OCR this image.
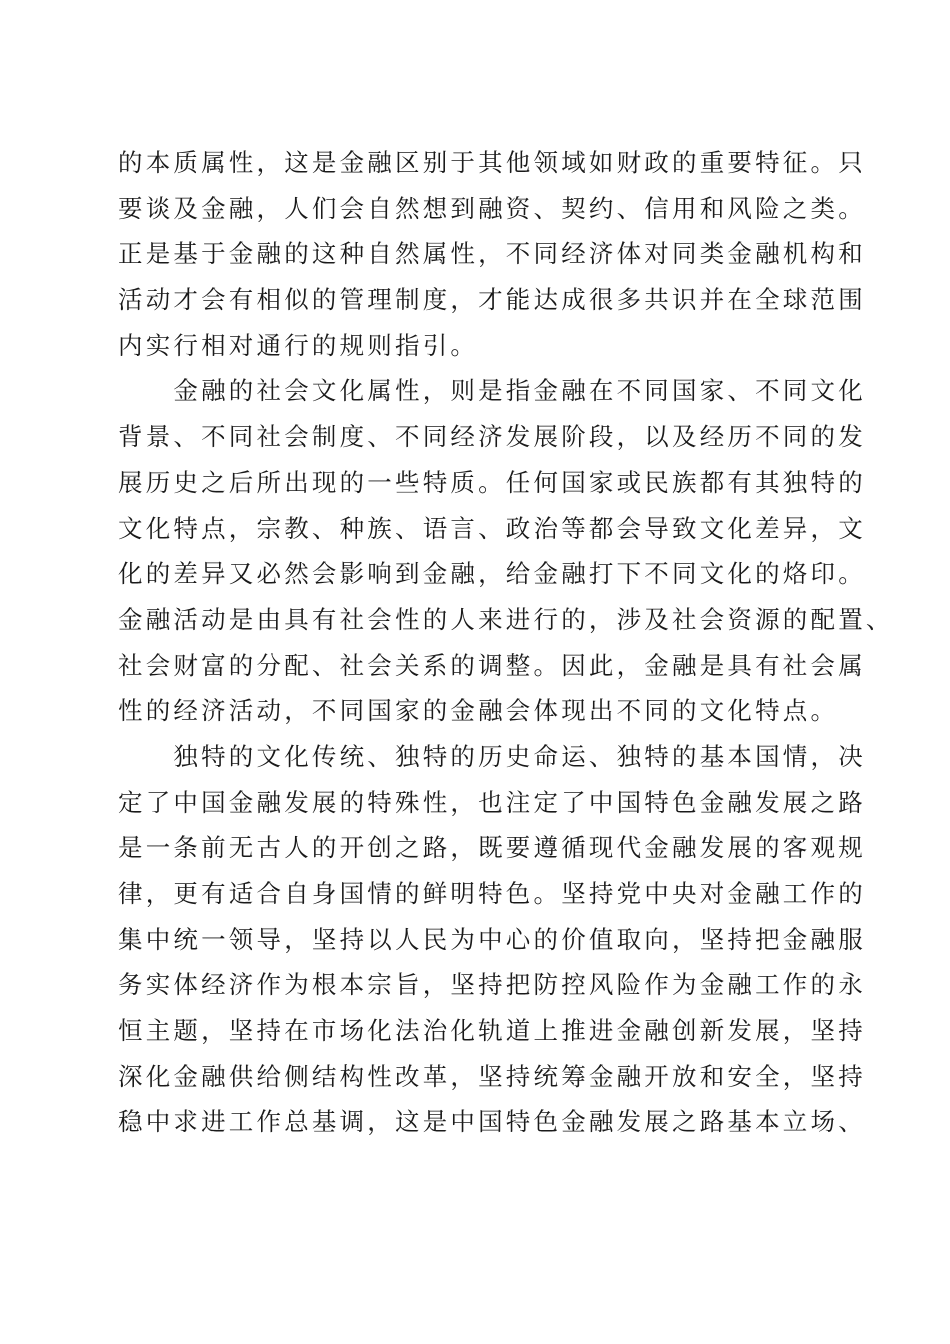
的本质属性，这是金融区别于其他领域如财政的重要特征。只
要谈及金融，人们会自然想到融资、契约、信用和风险之类。
正是基于金融的这种自然属性，不同经济体对同类金融机构和
活动才会有相似的管理制度，才能达成很多共识并在全球范围
内实行相对通行的规则指引。
　　金融的社会文化属性，则是指金融在不同国家、不同文化
背景、不同社会制度、不同经济发展阶段，以及经历不同的发
展历史之后所出现的一些特质。任何国家或民族都有其独特的
文化特点，宗教、种族、语言、政治等都会导致文化差异，文
化的差异又必然会影响到金融，给金融打下不同文化的烙印。
金融活动是由具有社会性的人来进行的，涉及社会资源的配置、
社会财富的分配、社会关系的调整。因此，金融是具有社会属
性的经济活动，不同国家的金融会体现出不同的文化特点。
　　独特的文化传统、独特的历史命运、独特的基本国情，决
定了中国金融发展的特殊性，也注定了中国特色金融发展之路
是一条前无古人的开创之路，既要遵循现代金融发展的客观规
律，更有适合自身国情的鲜明特色。坚持党中央对金融工作的
集中统一领导，坚持以人民为中心的价值取向，坚持把金融服
务实体经济作为根本宗旨，坚持把防控风险作为金融工作的永
恒主题，坚持在市场化法治化轨道上推进金融创新发展，坚持
深化金融供给侧结构性改革，坚持统筹金融开放和安全，坚持
稳中求进工作总基调，这是中国特色金融发展之路基本立场、
